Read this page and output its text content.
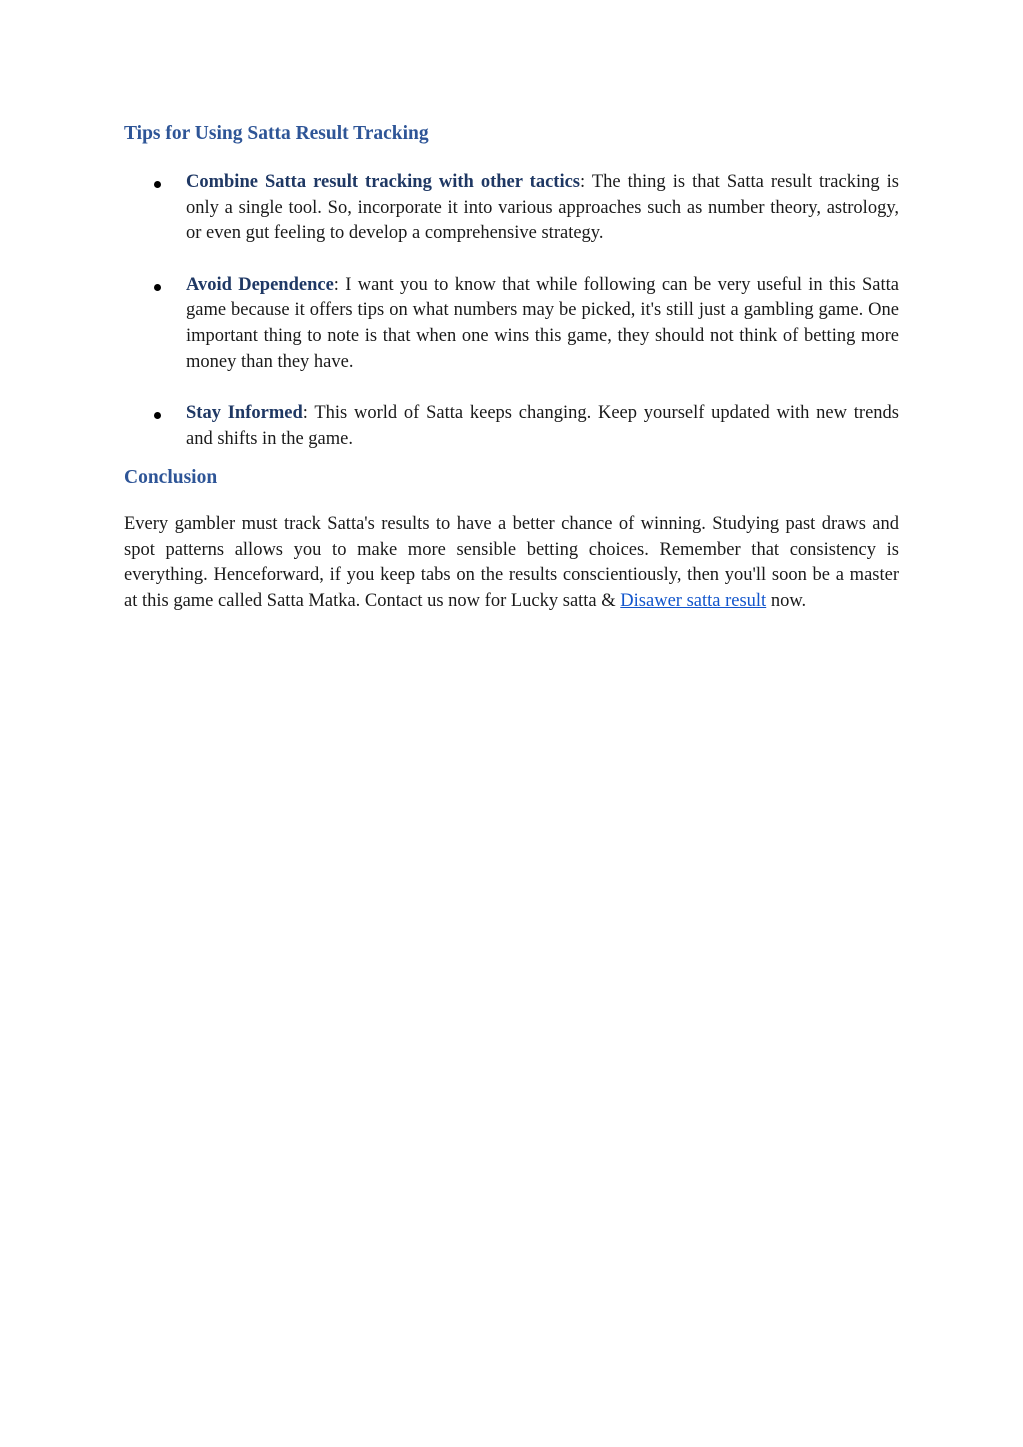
Tips for Using Satta Result Tracking
Combine Satta result tracking with other tactics: The thing is that Satta result tracking is only a single tool. So, incorporate it into various approaches such as number theory, astrology, or even gut feeling to develop a comprehensive strategy.
Avoid Dependence: I want you to know that while following can be very useful in this Satta game because it offers tips on what numbers may be picked, it's still just a gambling game. One important thing to note is that when one wins this game, they should not think of betting more money than they have.
Stay Informed: This world of Satta keeps changing. Keep yourself updated with new trends and shifts in the game.
Conclusion

Every gambler must track Satta's results to have a better chance of winning. Studying past draws and spot patterns allows you to make more sensible betting choices. Remember that consistency is everything. Henceforward, if you keep tabs on the results conscientiously, then you'll soon be a master at this game called Satta Matka. Contact us now for Lucky satta & Disawer satta result now.
